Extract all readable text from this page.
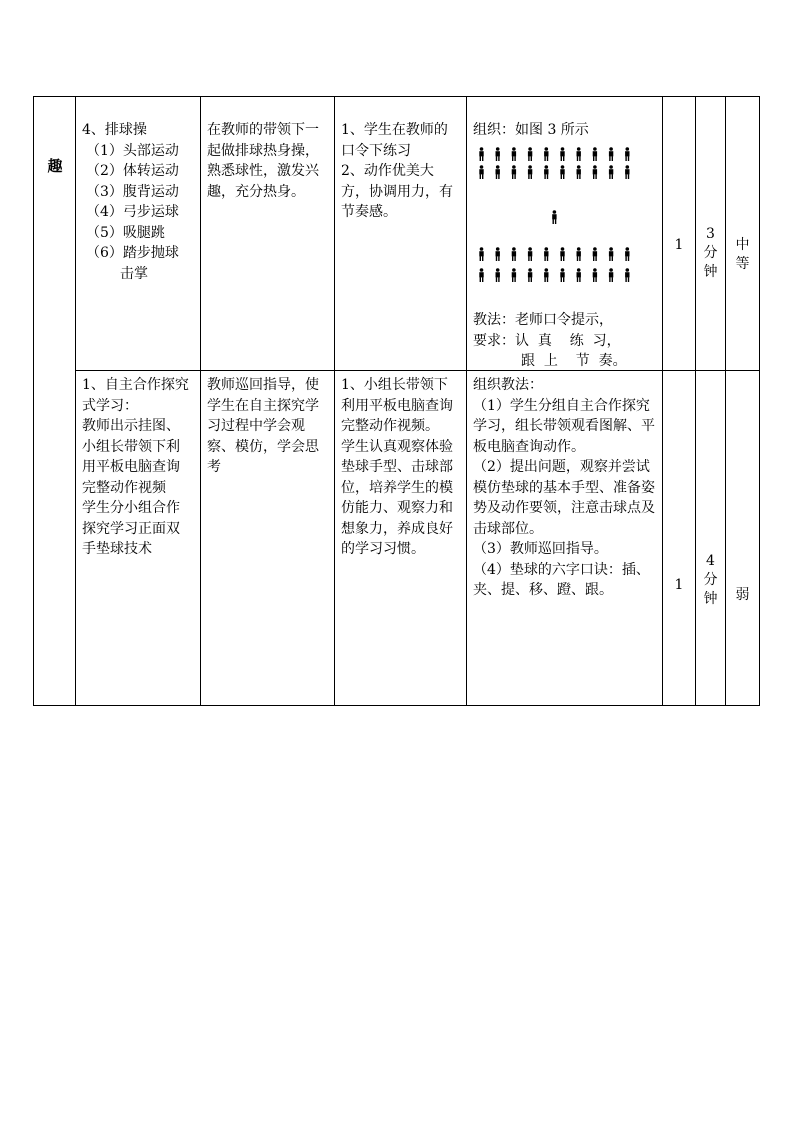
趣
4、排球操
（1）头部运动
（2）体转运动
（3）腹背运动
（4）弓步运球
（5）吸腿跳
（6）踏步抛球
击掌
在教师的带领下一起做排球热身操，熟悉球性，激发兴趣，充分热身。
1、学生在教师的口令下练习
2、动作优美大方，协调用力，有节奏感。
组织：如图 3 所示
教法：老师口令提示，
要求：认  真    练  习，
跟  上    节  奏。
1
3
分
钟
中
等
1、自主合作探究式学习：
教师出示挂图、
小组长带领下利用平板电脑查询完整动作视频
学生分小组合作探究学习正面双手垫球技术
教师巡回指导，使学生在自主探究学习过程中学会观察、模仿，学会思考
1、小组长带领下利用平板电脑查询完整动作视频。
学生认真观察体验垫球手型、击球部位，培养学生的模仿能力、观察力和想象力，养成良好的学习习惯。
组织教法：
（1）学生分组自主合作探究学习，组长带领观看图解、平板电脑查询动作。
（2）提出问题，观察并尝试模仿垫球的基本手型、准备姿势及动作要领，注意击球点及击球部位。
（3）教师巡回指导。
（4）垫球的六字口诀：插、夹、提、移、蹬、跟。	1
4
分
钟	弱
